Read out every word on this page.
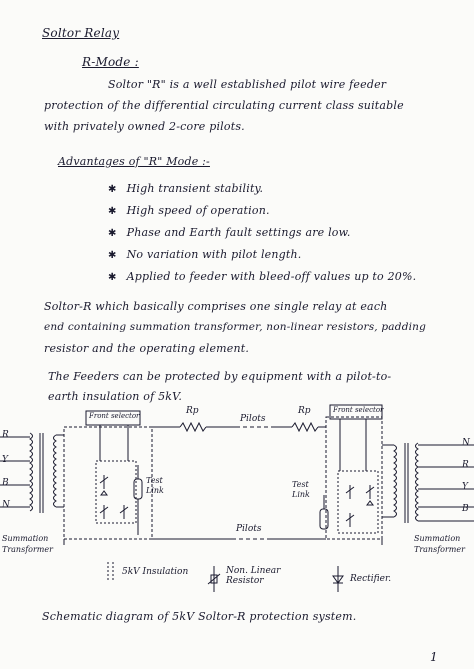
Soltor Relay
R-Mode :
Soltor "R" is a well established pilot wire feeder
protection of the differential circulating current class suitable
with privately owned 2-core pilots.
Advantages of "R" Mode :-
✱ High transient stability.
✱ High speed of operation.
✱ Phase and Earth fault settings are low.
✱ No variation with pilot length.
✱ Applied to feeder with bleed-off values up to 20%.
Soltor-R which basically comprises one single relay at each
end containing summation transformer, non-linear resistors, padding
resistor and the operating element.
The Feeders can be protected by equipment with a pilot-to-
earth insulation of 5kV.
R
Y
B
N
N
R
Y
B
Rp	Rp
Pilots
Pilots
Front selector
Front selector
Test Link
Test Link
Summation
Transformer
Summation
Transformer
5kV Insulation	Non. Linear
Resistor	Rectifier.
Schematic diagram of 5kV Soltor-R protection system.
1
